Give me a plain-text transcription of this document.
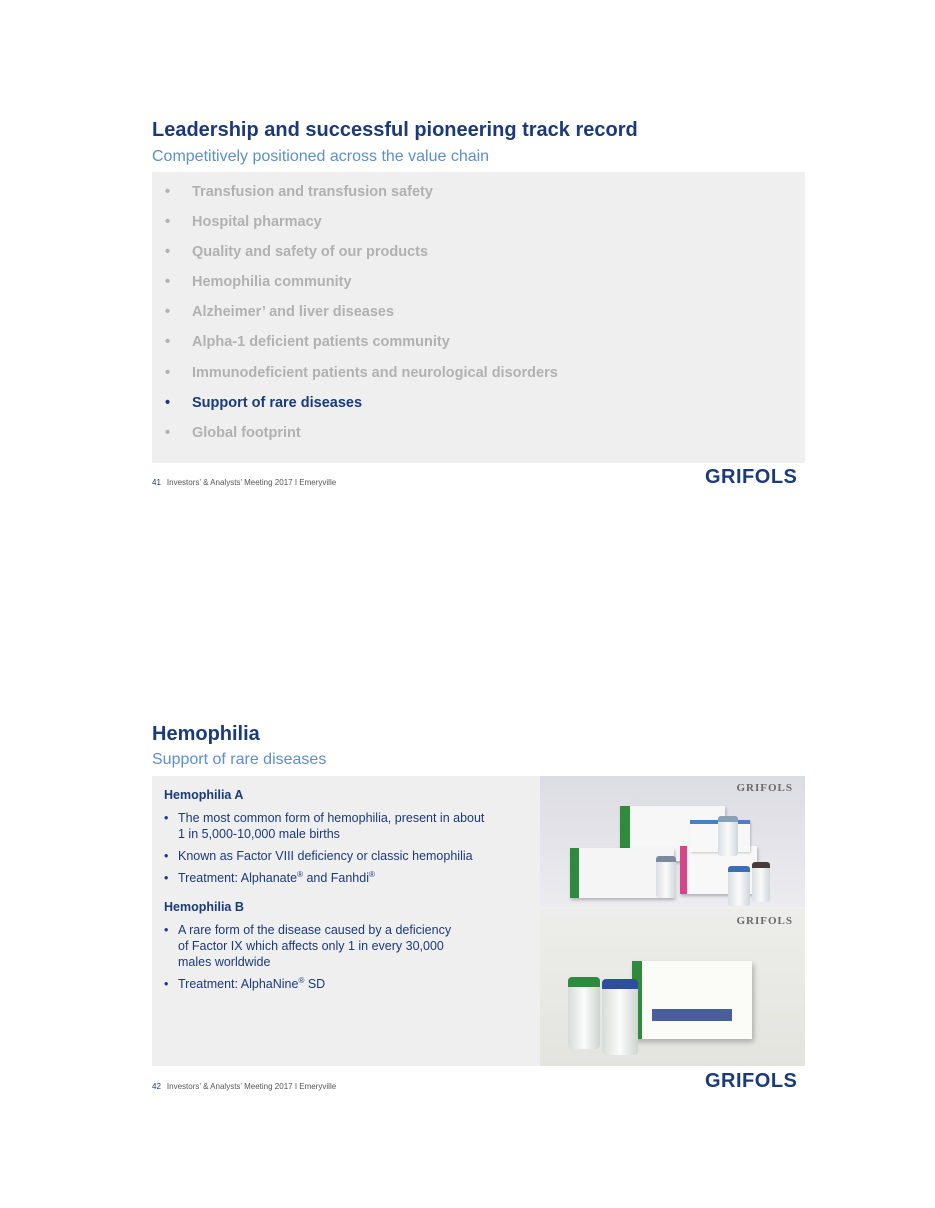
Leadership and successful pioneering track record
Competitively positioned across the value chain
• Transfusion and transfusion safety
• Hospital pharmacy
• Quality and safety of our products
• Hemophilia community
• Alzheimer’ and liver diseases
• Alpha-1 deficient patients community
• Immunodeficient patients and neurological disorders
• Support of rare diseases
• Global footprint
41 Investors’ & Analysts’ Meeting 2017 I Emeryville	GRIFOLS
Hemophilia
Support of rare diseases
Hemophilia A
• The most common form of hemophilia, present in about
1 in 5,000-10,000 male births
• Known as Factor VIII deficiency or classic hemophilia
• Treatment: Alphanate® and Fanhdi®
Hemophilia B
• A rare form of the disease caused by a deficiency
of Factor IX which affects only 1 in every 30,000
males worldwide
• Treatment: AlphaNine® SD
GRIFOLS
GRIFOLS
42 Investors’ & Analysts’ Meeting 2017 I Emeryville	GRIFOLS
